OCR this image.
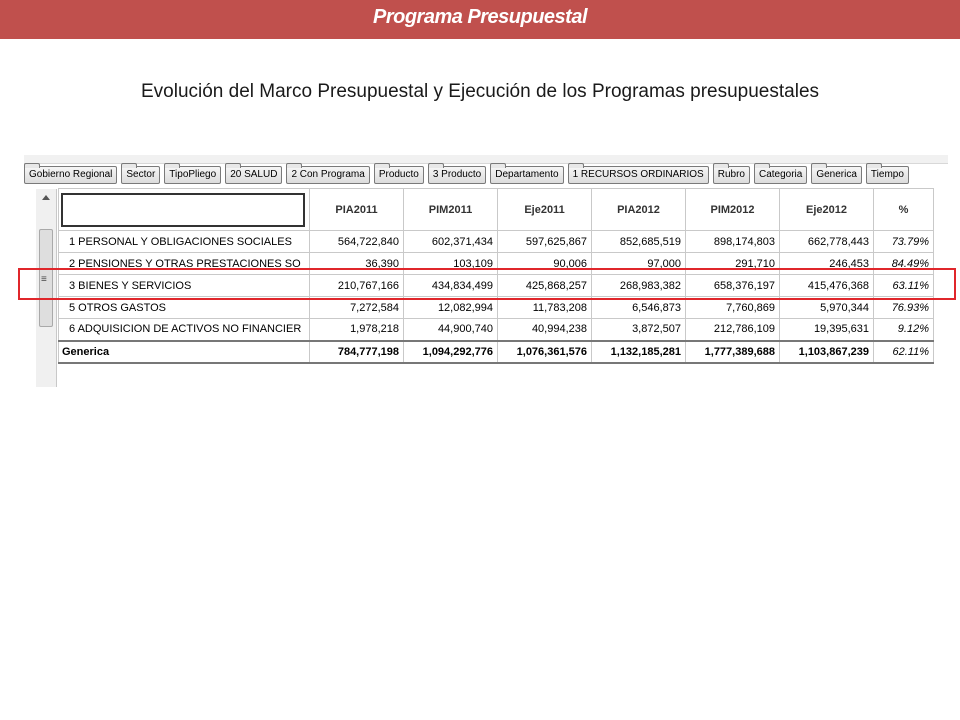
Programa Presupuestal
Evolución del Marco Presupuestal y Ejecución de los Programas presupuestales
Gobierno Regional	Sector	TipoPliego	20 SALUD	2 Con Programa	Producto	3 Producto	Departamento	1 RECURSOS ORDINARIOS	Rubro	Categoria	Generica	Tiempo
≡
	PIA2011	PIM2011	Eje2011	PIA2012	PIM2012	Eje2012	%
1 PERSONAL Y OBLIGACIONES SOCIALES	564,722,840	602,371,434	597,625,867	852,685,519	898,174,803	662,778,443	73.79%
2 PENSIONES Y OTRAS PRESTACIONES SO	36,390	103,109	90,006	97,000	291,710	246,453	84.49%
3 BIENES Y SERVICIOS	210,767,166	434,834,499	425,868,257	268,983,382	658,376,197	415,476,368	63.11%
5 OTROS GASTOS	7,272,584	12,082,994	11,783,208	6,546,873	7,760,869	5,970,344	76.93%
6 ADQUISICION DE ACTIVOS NO FINANCIER	1,978,218	44,900,740	40,994,238	3,872,507	212,786,109	19,395,631	9.12%
Generica	784,777,198	1,094,292,776	1,076,361,576	1,132,185,281	1,777,389,688	1,103,867,239	62.11%
